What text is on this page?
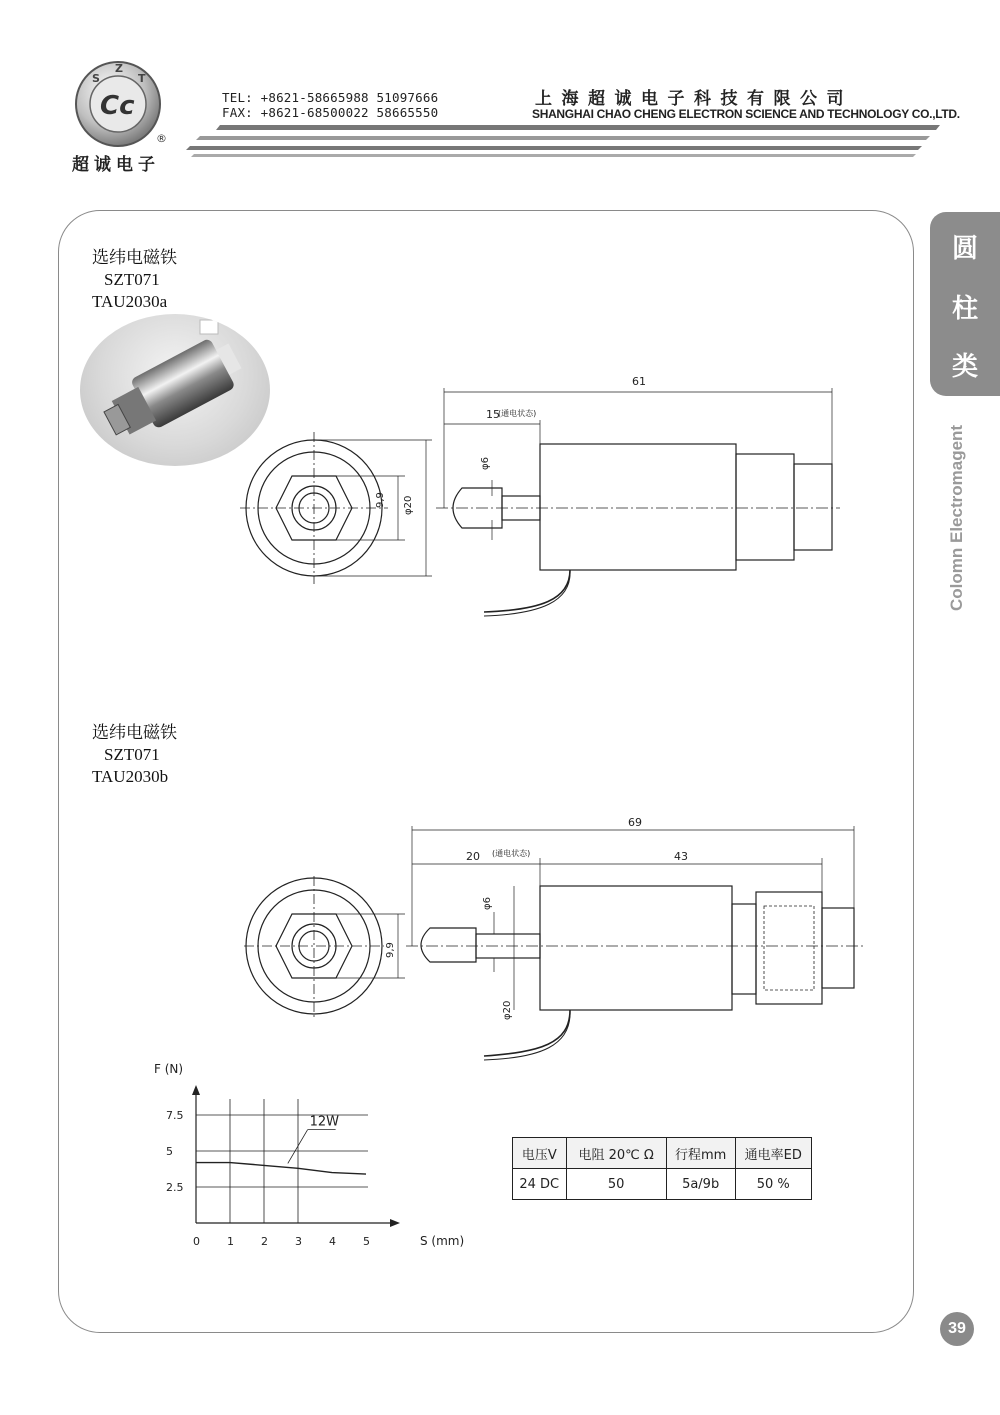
S
Z
T
Cc
®
超诚电子
TEL: +8621-58665988 51097666
FAX: +8621-68500022 58665550
上海超诚电子科技有限公司
SHANGHAI CHAO CHENG ELECTRON SCIENCE AND TECHNOLOGY CO.,LTD.
圆
柱
类
Colomn Electromagent
选纬电磁铁
SZT071
TAU2030a
9,9 φ20
61
15
(通电状态)
φ6
选纬电磁铁
SZT071
TAU2030b
9,9
69
20 (通电状态)	43
φ6
φ20
F (N)
S (mm)
7.5
5
2.5
0 1 2 3 4 5
12W
电压V	电阻 20℃ Ω	行程mm	通电率ED
24 DC	50	5a/9b	50 %
39
